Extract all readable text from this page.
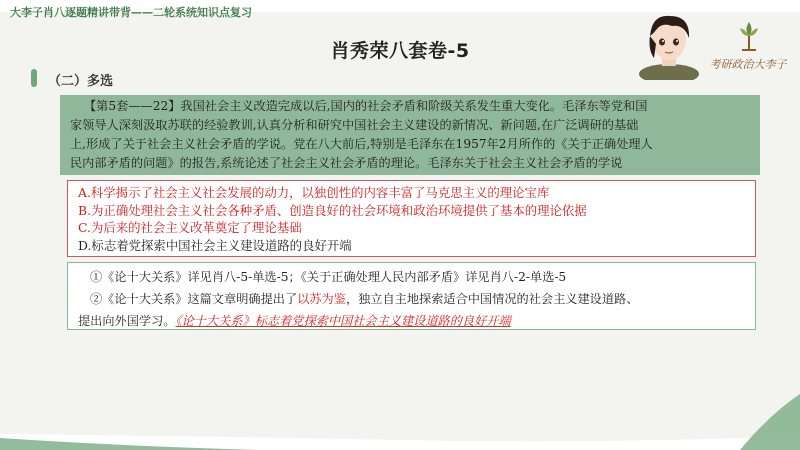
大李子肖八逐题精讲带背——二轮系统知识点复习
肖秀荣八套卷-5
（二）多选
考研政治大李子
【第5套——22】我国社会主义改造完成以后,国内的社会矛盾和阶级关系发生重大变化。毛泽东等党和国
家领导人深刻汲取苏联的经验教训,认真分析和研究中国社会主义建设的新情况、新问题,在广泛调研的基础
上,形成了关于社会主义社会矛盾的学说。党在八大前后,特别是毛泽东在1957年2月所作的《关于正确处理人
民内部矛盾的问题》的报告,系统论述了社会主义社会矛盾的理论。毛泽东关于社会主义社会矛盾的学说
A.科学揭示了社会主义社会发展的动力，以独创性的内容丰富了马克思主义的理论宝库
B.为正确处理社会主义社会各种矛盾、创造良好的社会环境和政治环境提供了基本的理论依据
C.为后来的社会主义改革奠定了理论基础
D.标志着党探索中国社会主义建设道路的良好开端
①《论十大关系》详见肖八-5-单选-5；《关于正确处理人民内部矛盾》详见肖八-2-单选-5
②《论十大关系》这篇文章明确提出了以苏为鉴，独立自主地探索适合中国情况的社会主义建设道路、
提出向外国学习。《论十大关系》标志着党探索中国社会主义建设道路的良好开端
